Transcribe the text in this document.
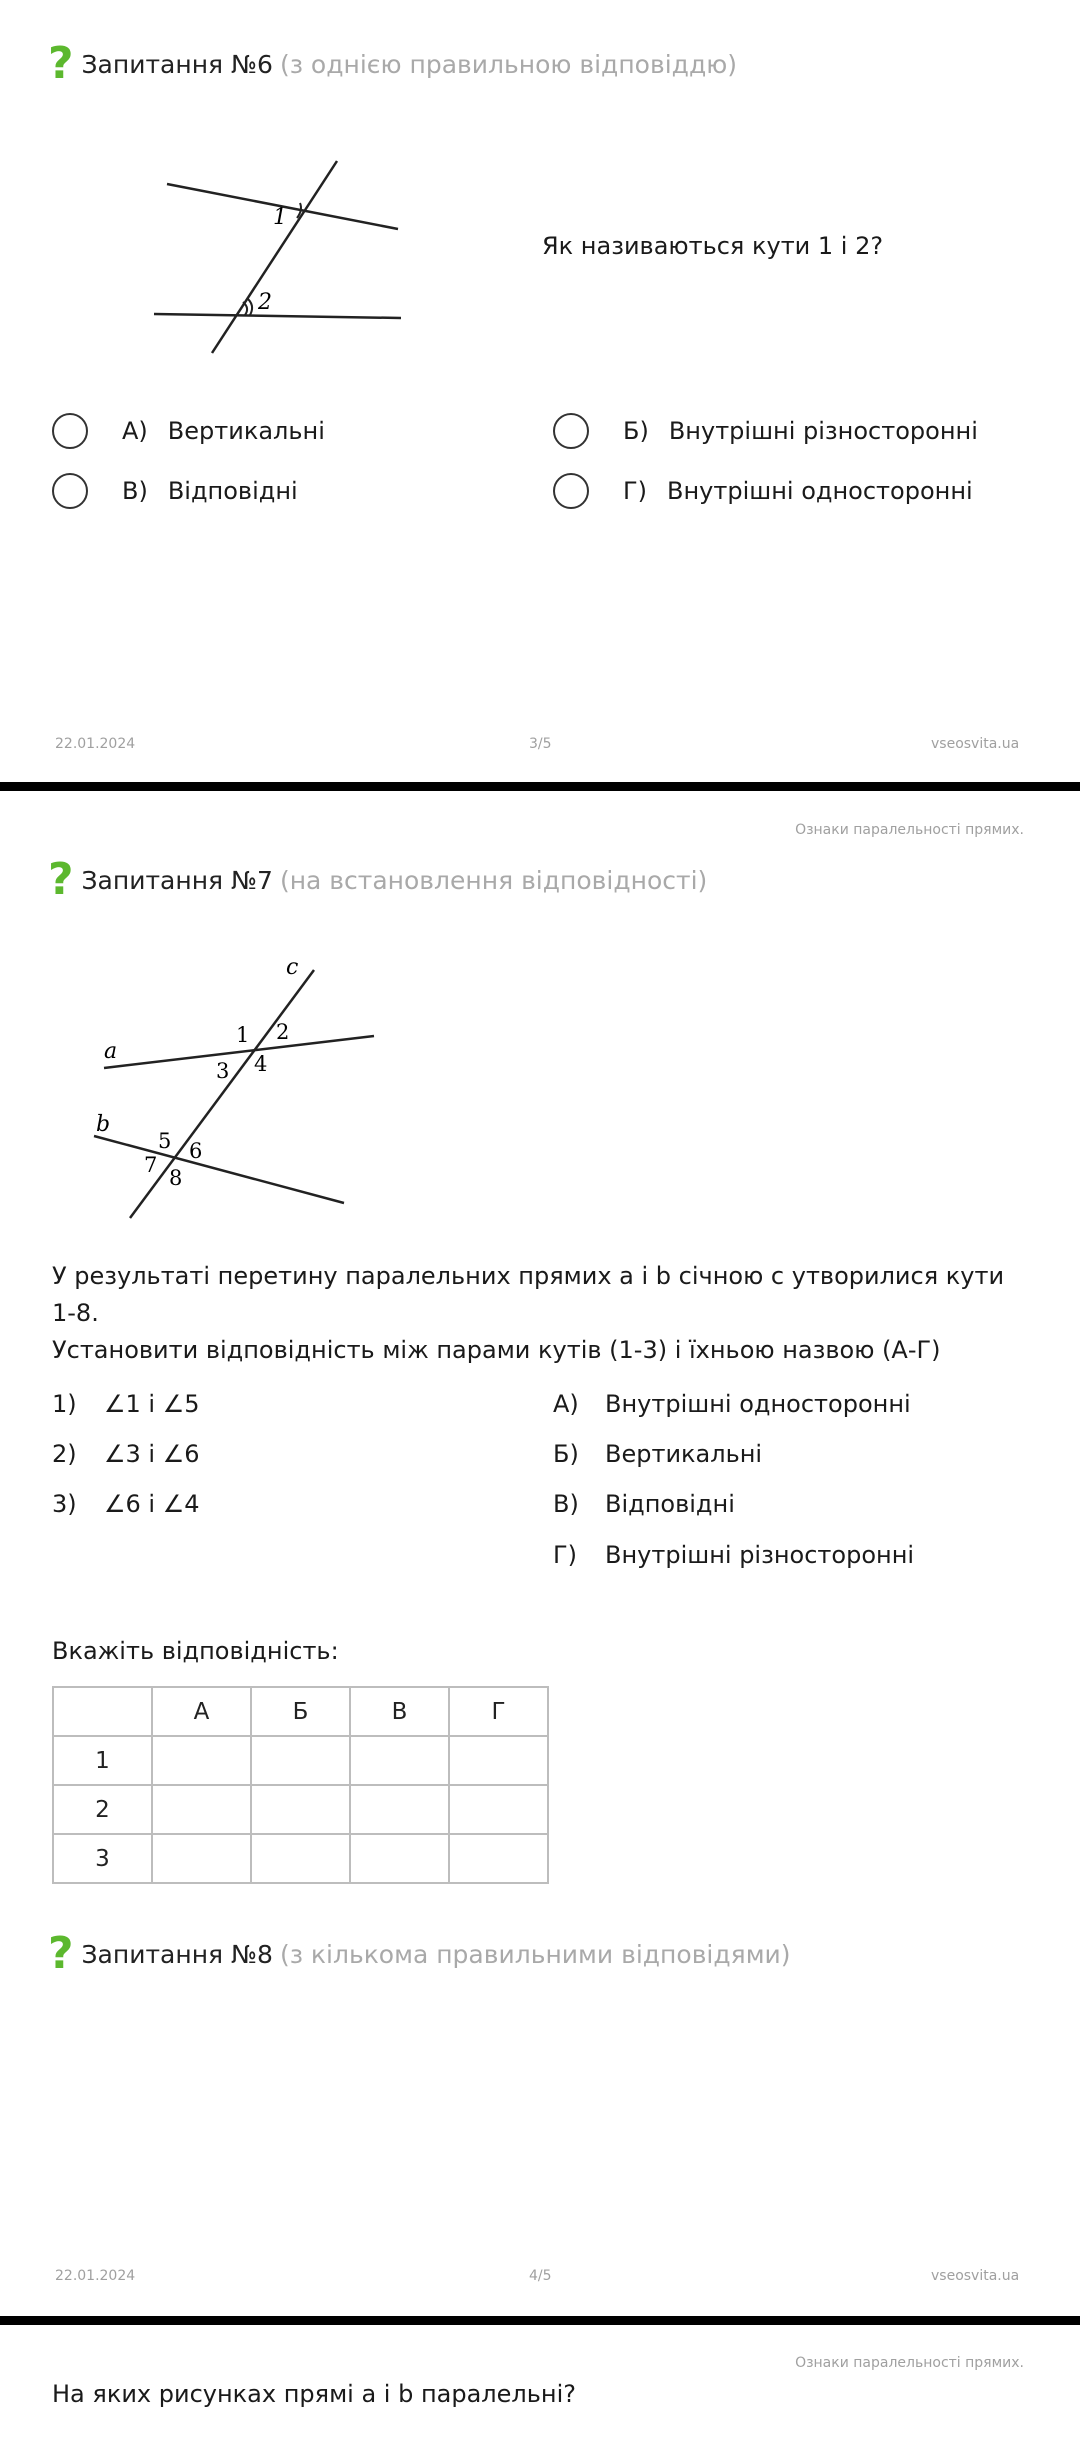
? Запитання №6 (з однією правильною відповіддю)
1
2
Як називаються кути 1 і 2?
А) Вертикальні	Б) Внутрішні різносторонні
В) Відповідні	Г) Внутрішні односторонні
22.01.2024	3/5	vseosvita.ua
Ознаки паралельності прямих.
? Запитання №7 (на встановлення відповідності)
a
b
c
1 2
3 4
5 6
7
8
У результаті перетину паралельних прямих a і b січною с утворилися кути
1-8.
Установити відповідність між парами кутів (1-3) і їхньою назвою (А-Г)
1)	∠1 і ∠5
2)	∠3 і ∠6
3)	∠6 і ∠4
А)	Внутрішні односторонні
Б)	Вертикальні
В)	Відповідні
Г)	Внутрішні різносторонні
Вкажіть відповідність:
	А	Б	В	Г
1				
2				
3				
? Запитання №8 (з кількома правильними відповідями)
22.01.2024	4/5	vseosvita.ua
Ознаки паралельності прямих.
На яких рисунках прямі a і b паралельні?
